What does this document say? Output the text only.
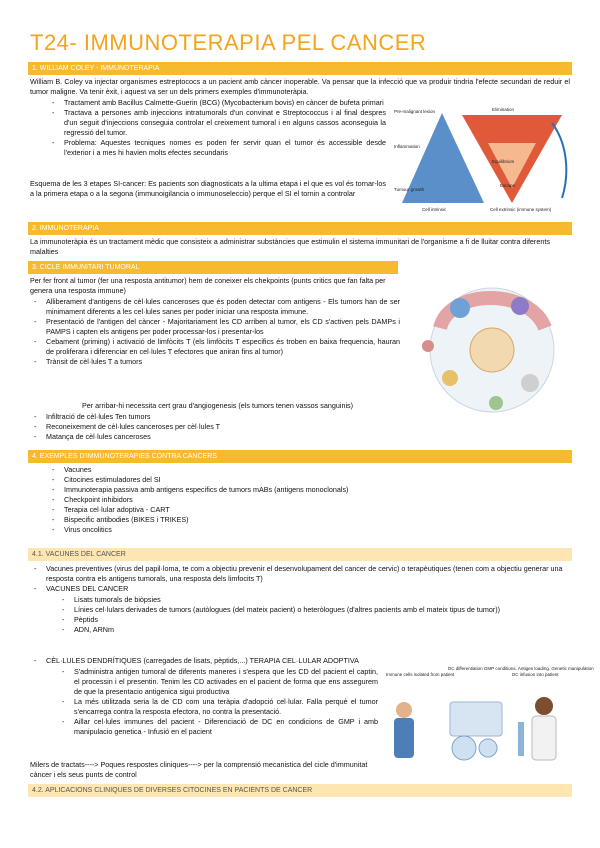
T24- IMMUNOTERAPIA PEL CANCER
1. WILLIAM COLEY - IMMUNOTERAPIA

William B. Coley va injectar organismes estreptococs a un pacient amb càncer inoperable. Va pensar que la infecció que va produir tindria l'efecte secundari de reduir el tumor maligne. Va tenir èxit, i aquest va ser un dels primers exemples d'immunoteràpia.

- Tractament amb Bacillus Calmette-Guerin (BCG) (Mycobacterium bovis) en càncer de bufeta primari
- Tractava a persones amb injeccions intratumorals d'un convinat e Streptococcus i al final despres d'un seguit d'injeccions conseguia controlar el creixement tumoral i en alguns cassos aconseguia la regressió del tumor.
- Problema: Aquestes tecniques nomes es poden fer servir quan el tumor és accessible desde l'exterior i a mes hi havien molts efectes secundaris

Esquema de les 3 etapes SI-cancer: Es pacients son diagnosticats a la ultima etapa i el que es vol és tornar-los a la primera etapa o a la segona (immunoigilancia o immunoseleccio) perque el SI el tornin a controlar

Pre-malignant lesion	Elimination
Inflammation
Equilibrium
Escape
Tumour growth
Cell intrinsic	Cell extrinsic (immune system)
2. IMMUNOTERAPIA

La immunoteràpia és un tractament mèdic que consisteix a administrar substàncies que estimulin el sistema immunitari de l'organisme a fi de lluitar contra diferents malalties

3. CICLE IMMUNITARI TUMORAL

Per fer front al tumor (fer una resposta antitumor) hem de coneixer els chekpoints (punts critics que fan falta per genera una resposta immune)

- Alliberament d'antigens de cèl·lules canceroses que és poden detectar com antigens - Els tumors han de ser minimament diferents a les cel·lules sanes per poder iniciar una resposta immune.
- Presentació de l'antigen del càncer - Majoritariament les CD arriben al tumor, els CD s'activen pels DAMPs i PAMPS i capten els antigens per poder processar-los i presentar-los
- Cebament (priming) i activació de limfòcits T (els limfòcits T especifics és troben en baixa frequencia, hauran de proliferara i diferenciar en cel·lules T efectores que aniran fins al tumor)
- Trànsit de cèl·lules T a tumors

Per arribar-hi necessita cert grau d'angiogenesis (els tumors tenen vassos sanguinis)

- Infiltració de cèl·lules Ten tumors
- Reconeixement de cèl·lules canceroses per cèl·lules T
- Matança de cèl·lules canceroses
4. EXEMPLES D'IMMUNOTERAPIES CONTRA CANCERS
- Vacunes
- Citocines estimuladores del SI
- Immunoterapia passiva amb antigens especifics de tumors mABs (antigens monoclonals)
- Checkpoint inhibidors
- Terapia cel·lular adoptiva - CART
- Bispecific antibodies (BIKES i TRIKES)
- Virus oncolitics
4.1. VACUNES DEL CANCER
- Vacunes preventives (virus del papil·loma, te com a objectiu prevenir el desenvolupament del cancer de cervic) o terapèutiques (tenen com a objectiu generar una resposta contra els antigens tumorals, una resposta dels limfocits T)
- VACUNES DEL CANCER
- Lisats tumorals de biòpsies
- Línies cel·lulars derivades de tumors (autòlogues (del mateix pacient) o heteròlogues (d'altres pacients amb el mateix tipus de tumor))
- Pèptids
- ADN, ARNm
- CÈL·LULES DENDRÍTIQUES (carregades de lisats, pèptids,...) TERAPIA CEL·LULAR ADOPTIVA
- S'administra antigen tumoral de diferents maneres i s'espera que les CD del pacient el captin, el processin i el presentin. Tenim les CD activades en el pacient de forma que ens assegurem de que la presentacio antigenica sigui productiva
- La més utilitzada seria la de CD com una teràpia d'adopció cel·lular. Falla perquè el tumor s'encarrega contra la resposta efectora, no contra la presentació.
- Aillar cel·lules immunes del pacient - Diferenciació de DC en condicions de GMP i amb manipulacio genetica - Infusió en el pacient

Milers de tractats----> Poques respostes cliniques----> per la comprensió mecanistica del cicle d'immunitat càncer i els seus punts de control

Immune cells isolated from patient
DC differentiation GMP conditions. Antigen loading. Genetic manipulation
DC infusion into patient
4.2. APLICACIONS CLINIQUES DE DIVERSES CITOCINES EN PACIENTS DE CANCER
